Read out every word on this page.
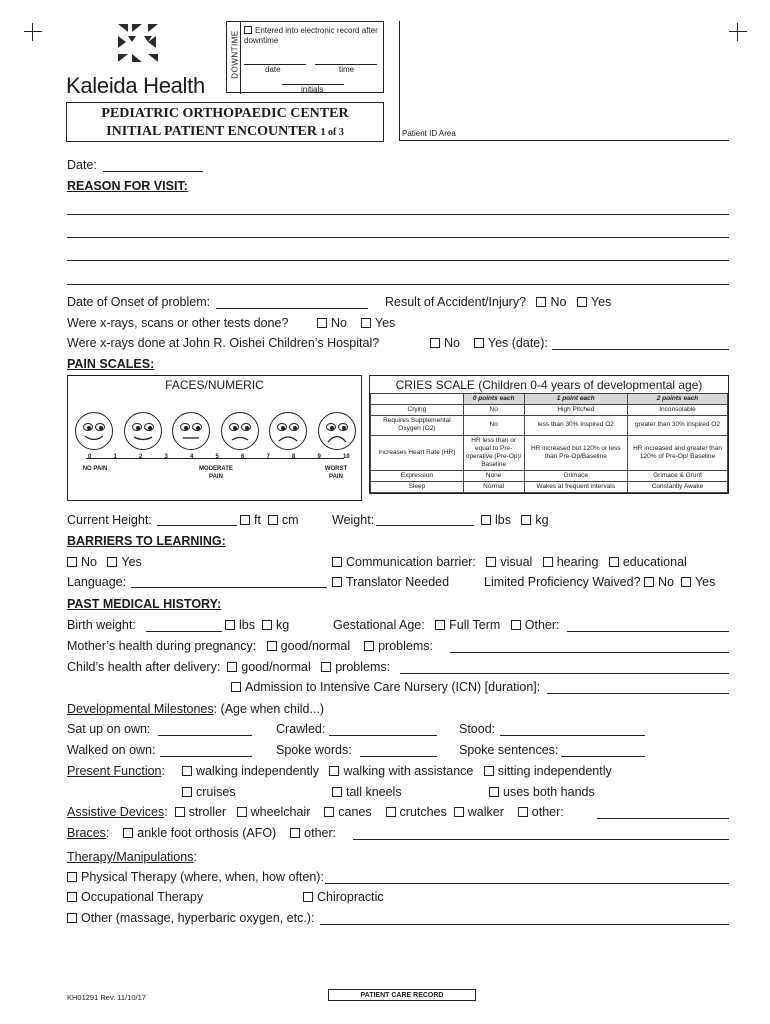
Kaleida Health
DOWNTIME	Entered into electronic record after downtime
date	time
initials
Patient ID Area
PEDIATRIC ORTHOPAEDIC CENTER
INITIAL PATIENT ENCOUNTER 1 of 3
Date:
REASON FOR VISIT:
Date of Onset of problem:	Result of Accident/Injury? No Yes
Were x-rays, scans or other tests done?	No Yes
Were x-rays done at John R. Oishei Children’s Hospital?	No Yes (date):
PAIN SCALES:
FACES/NUMERIC
0	1	2	3	4	5	6	7	8	9	10
NO PAIN	MODERATE PAIN
WORST PAIN
CRIES SCALE (Children 0-4 years of developmental age)
	0 points each	1 point each	2 points each
Crying	No	High Pitched	Inconsolable
Requires Supplemental Oxygen (O2)	No	less than 30% Inspired O2	greater than 30% inspired O2
Increases Heart Rate (HR)	HR less than or equal to Pre-operative (Pre-Op)/ Baseline	HR increased but 120% or less than Pre-Op/Baseline	HR increased and greater than 120% of Pre-Op/ Baseline
Expression	None	Grimace	Grimace & Grunt
Sleep	Normal	Wakes at frequent intervals	Constantly Awake
Current Height:	ft cm	Weight:	lbs kg
BARRIERS TO LEARNING:
No Yes	Communication barrier: visual hearing educational
Language:	Translator Needed	Limited Proficiency Waived? No Yes
PAST MEDICAL HISTORY:
Birth weight:	lbs kg	Gestational Age: Full Term Other:
Mother’s health during pregnancy: good/normal problems:
Child’s health after delivery: good/normal problems:
Admission to Intensive Care Nursery (ICN) [duration]:
Developmental Milestones: (Age when child...)
Sat up on own:	Crawled:	Stood:
Walked on own:	Spoke words:	Spoke sentences:
Present Function:	walking independently walking with assistance sitting independently
cruises	tall kneels	uses both hands
Assistive Devices:  stroller wheelchair canes crutches walker other:
Braces:    ankle foot orthosis (AFO) other:
Therapy/Manipulations:
Physical Therapy (where, when, how often):
Occupational Therapy	Chiropractic
Other (massage, hyperbaric oxygen, etc.):
KH01291 Rev. 11/10/17	PATIENT CARE RECORD
